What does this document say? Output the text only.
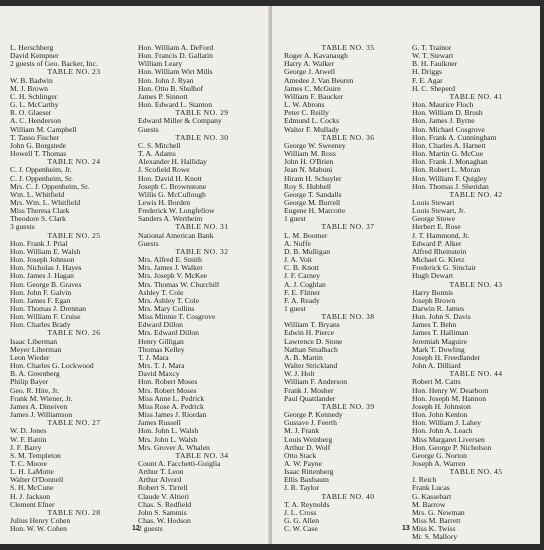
L. Herschberg
David Kempner
2 guests of Geo. Backer, Inc.
TABLE NO. 23
W. B. Badwin
M. J. Brown
C. H. Schlinger
G. L. McCarthy
R. O. Glaeser
A. C. Henderson
William M. Campbell
T. Tasso Fischer
John G. Borgstede
Howell T. Thomas
TABLE NO. 24
C. J. Oppenheim, Jr.
C. J. Oppenheim, Sr.
Mrs. C. J. Oppenheim, Sr.
Wm. L. Whitfield
Mrs. Wm. L. Whitfield
Miss Theresa Clark
Theodore S. Clark
3 guests
TABLE NO. 25
Hon. Frank J. Prial
Hon. William E. Walsh
Hon. Joseph Johnson
Hon. Nicholas J. Hayes
Hon. James J. Hagan
Hon. George B. Graves
Hon. John F. Galvin
Hon. James F. Egan
Hon. Thomas J. Drennan
Hon. William F. Cruise
Hon. Charles Brady
TABLE NO. 26
Isaac Liberman
Meyer Liberman
Leon Wieder
Hon. Charles G. Lockwood
B. A. Greenberg
Philip Bayer
Geo. R. Hite, Jr.
Frank M. Wiener, Jr.
James A. Dineiven
James J. Williamson
TABLE NO. 27
W. D. Jones
W. F. Battin
J. F. Barry
S. M. Templeton
T. C. Moore
L. H. LaMotte
Walter O'Donnell
S. H. McCune
H. J. Jackson
Clement Efner
TABLE NO. 28
Julius Henry Cohen
Hon. W. W. Cohen
Hon. William A. DeFord
Hon. Francis D. Gallatin
William Leary
Hon. William Wirt Mills
Hon. John J. Ryan
Hon. Otto B. Shulhof
James P. Sinnott
Hon. Edward L. Stanton
TABLE NO. 29
Edward Miller & Company
Guests
TABLE NO. 30
C. S. Mitchell
T. A. Adams
Alexander H. Halliday
J. Scofield Rowe
Hon. David H. Knott
Joseph C. Brownstone
Willis G. McCullough
Lewis H. Borden
Frederick W. Longfellow
Sanders A. Wertheim
TABLE NO. 31
National American Bank
Guests
TABLE NO. 32
Mrs. Alfred E. Smith
Mrs. James J. Walker
Mrs. Joseph V. McKee
Mrs. Thomas W. Churchill
Ashley T. Cole
Mrs. Ashley T. Cole
Mrs. Mary Collins
Miss Minnie T. Cosgrove
Edward Dillon
Mrs. Edward Dillon
Henry Gilligan
Thomas Kelley
T. J. Mara
Mrs. T. J. Mara
David Maxcy
Hon. Robert Moses
Mrs. Robert Moses
Miss Anne L. Pedrick
Miss Rose A. Pedrick
Miss James J. Riordan
James Russell
Hon. John L. Walsh
Mrs. John L. Walsh
Mrs. Grover A. Whalen
TABLE NO. 34
Count A. Facchetti-Guiglia
Arthur T. Leon
Arthur Alvord
Robert S. Tirrell
Claude V. Altieri
Chas. S. Redfield
John S. Sammis
Chas. W. Hodson
2 guests
12
TABLE NO. 35
Roger A. Kavanaugh
Harry A. Walker
George J. Atwell
Amedee J. Van Beuren
James C. McGuire
William F. Baucker
L. W. Abrons
Peter C. Reilly
Edmund L. Cocks
Walter F. Mullady
TABLE NO. 36
George W. Sweeney
William M. Ross
John H. O'Brien
Jean N. Mabuni
Hiram H. Schuyler
Roy S. Hubbell
George T. Sandalls
George M. Burrell
Eugene H. Marcotte
1 guest
TABLE NO. 37
L. M. Boomer
A. Nuffe
D. B. Mulligan
J. A. Voit
C. B. Knott
J. F. Carney
A. J. Coghlan
F. E. Flitner
F. A. Ready
1 guest
TABLE NO. 38
William T. Bryans
Edwin H. Pierce
Lawrence D. Stone
Nathan Smalbach
A. B. Martin
Walter Strickland
W. J. Holt
William F. Anderson
Frank J. Mosher
Paul Quattlander
TABLE NO. 39
George P. Kennedy
Gustave J. Feerth
M. J. Frank
Louis Weinberg
Arthur D. Wolf
Otto Stack
A. W. Payne
Isaac Rittenberg
Ellis Baxbaum
J. R. Taylor
TABLE NO. 40
T. A. Reynolds
J. L. Cross
G. G. Allen
C. W. Case
G. T. Trainor
W. T. Stewart
B. H. Faulkner
H. Driggs
F. E. Agar
H. C. Sheperd
TABLE NO. 41
Hon. Maurice Floch
Hon. William D. Brush
Hon. James J. Byrne
Hon. Michael Cosgrove
Hon. Frank A. Cunningham
Hon. Charles A. Harnett
Hon. Martin G. McCue
Hon. Frank J. Monaghan
Hon. Robert L. Moran
Hon. William F. Quigley
Hon. Thomas J. Sheridan
TABLE NO. 42
Louis Stewart
Louis Stewart, Jr.
George Stowe
Herbert E. Rose
J. T. Hammond, Jr.
Edward P. Alker
Alfred Rheinstein
Michael G. Kletz
Frederick G. Sinclair
Hugh Dewart
TABLE NO. 43
Harry Bonnis
Joseph Brown
Darwin R. James
Hon. John S. Davis
James T. Behn
James T. Halliman
Jeremiah Maguire
Mark T. Dowling
Joseph H. Freedlander
John A. Dilliard
TABLE NO. 44
Robert M. Catts
Hon. Henry W. Dearborn
Hon. Joseph M. Hannon
Joseph H. Johnston
Hon. John Kenlon
Hon. William J. Lahey
Hon. John A. Leach
Miss Margaret Liversen
Hon. George P. Nicholson
George G. Norton
Joseph A. Warren
TABLE NO. 45
J. Reich
Frank Lucas
G. Kassebart
M. Barrow
Mrs. G. Newman
Miss M. Barrett
Miss K. Twiss
Mr. S. Mallory
13
